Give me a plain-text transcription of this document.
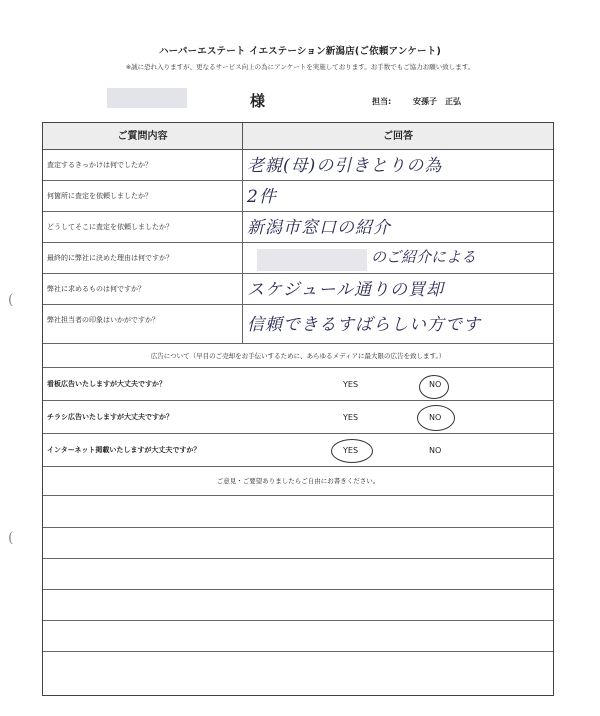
ハーパーエステート イエステーション新潟店(ご依頼アンケート)
※誠に恐れ入りますが、更なるサービス向上の為にアンケートを実施しております。お手数でもご協力お願い致します。
様	担当:	安孫子　正弘
ご質問内容	ご回答
査定するきっかけは何でしたか？	老親(母)の引きとりの為
何箇所に査定を依頼しましたか？	2件
どうしてそこに査定を依頼しましたか？	新潟市窓口の紹介
最終的に弊社に決めた理由は何ですか？	のご紹介による
弊社に求めるものは何ですか？	スケジュール通りの買却
弊社担当者の印象はいかがですか？	信頼できるすばらしい方です
広告について（早目のご売却をお手伝いするために、あらゆるメディアに最大限の広告を致します。）
看板広告いたしますが大丈夫ですか？	YES	NO
チラシ広告いたしますが大丈夫ですか？	YES	NO
インターネット掲載いたしますが大丈夫ですか？	YES	NO
ご意見・ご要望ありましたらご自由にお書きください。
(
(
